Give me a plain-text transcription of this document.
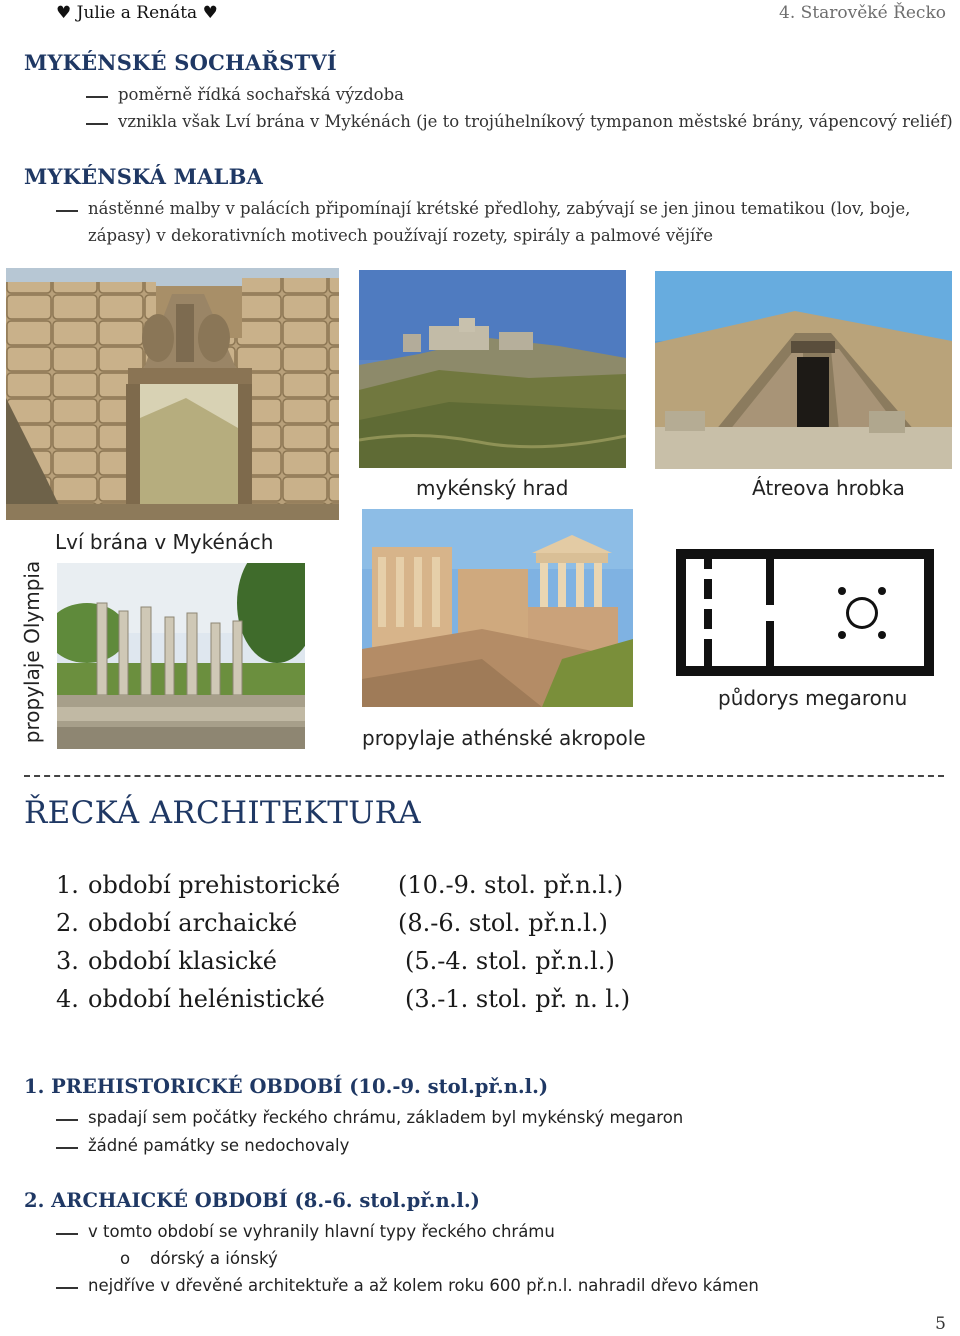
♥ Julie a Renáta ♥	4. Starověké Řecko
MYKÉNSKÉ SOCHAŘSTVÍ
poměrně řídká sochařská výzdoba
vznikla však Lví brána v Mykénách (je to trojúhelníkový tympanon městské brány, vápencový reliéf)
MYKÉNSKÁ MALBA
nástěnné malby v palácích připomínají krétské předlohy, zabývají se jen jinou tematikou (lov, boje,
zápasy) v dekorativních motivech používají rozety, spirály a palmové vějíře
mykénský hrad	Átreova hrobka
Lví brána v Mykénách
propylaje Olympia	propylaje athénské akropole
půdorys megaronu
ŘECKÁ ARCHITEKTURA
1. období prehistorické (10.-9. stol. př.n.l.)
2. období archaické	(8.-6. stol. př.n.l.)
3. období klasické	(5.-4. stol. př.n.l.)
4. období helénistické	(3.-1. stol. př. n. l.)
1. PREHISTORICKÉ OBDOBÍ (10.-9. stol.př.n.l.)
spadají sem počátky řeckého chrámu, základem byl mykénský megaron
žádné památky se nedochovaly
2. ARCHAICKÉ OBDOBÍ (8.-6. stol.př.n.l.)
v tomto období se vyhranily hlavní typy řeckého chrámu
o dórský a iónský
nejdříve v dřevěné architektuře a až kolem roku 600 př.n.l. nahradil dřevo kámen
5
